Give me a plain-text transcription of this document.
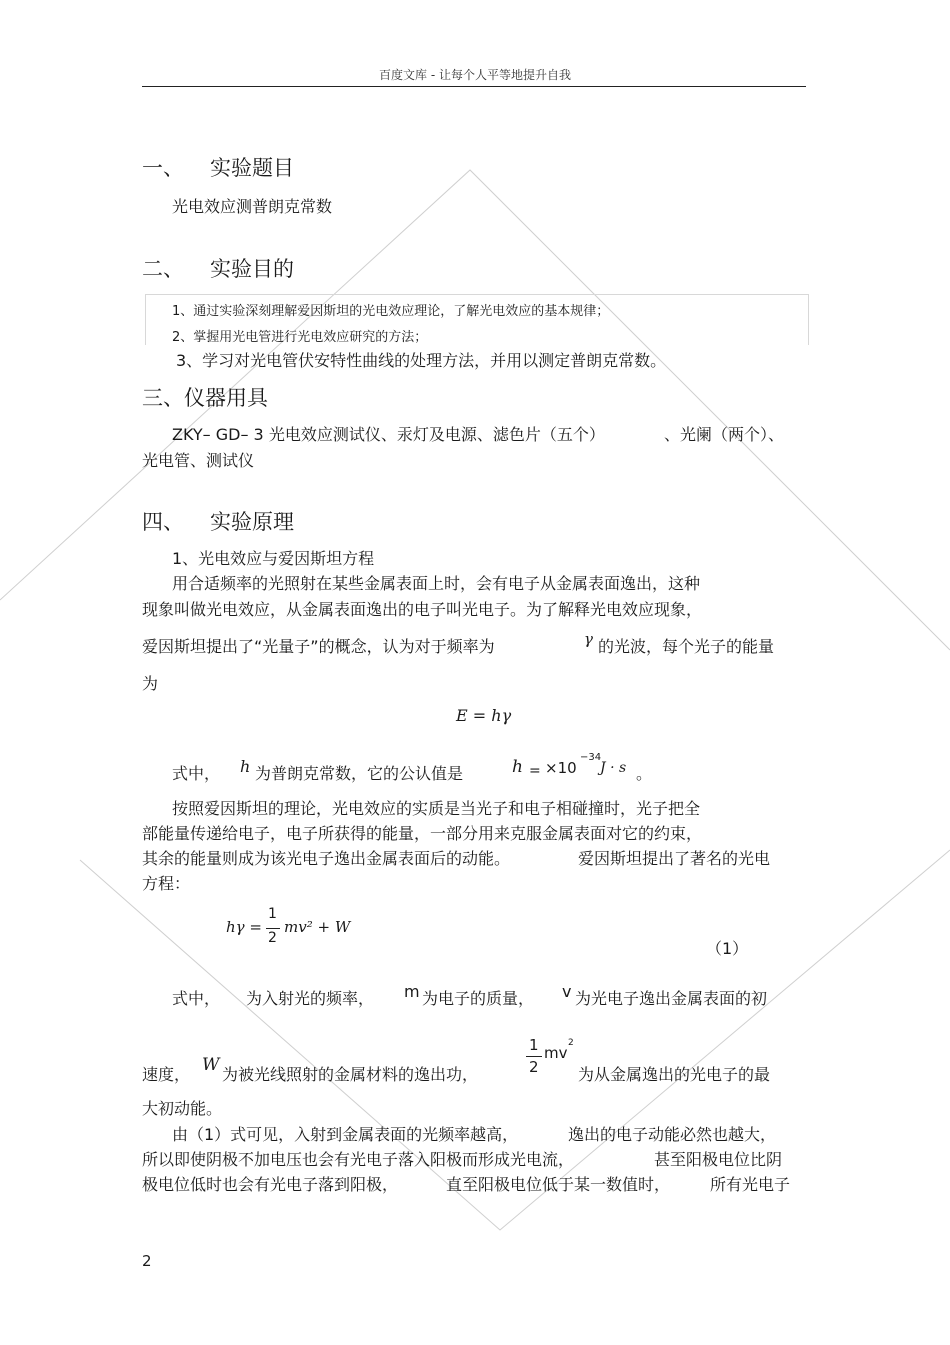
百度文库 - 让每个人平等地提升自我
一、 实验题目
光电效应测普朗克常数
二、 实验目的
1、通过实验深刻理解爱因斯坦的光电效应理论，了解光电效应的基本规律；
2、掌握用光电管进行光电效应研究的方法；
3、学习对光电管伏安特性曲线的处理方法，并用以测定普朗克常数。
三、仪器用具
ZKY– GD– 3 光电效应测试仪、汞灯及电源、滤色片（五个）	、光阑（两个）、
光电管、测试仪
四、 实验原理
1、光电效应与爱因斯坦方程
用合适频率的光照射在某些金属表面上时，会有电子从金属表面逸出，这种
现象叫做光电效应，从金属表面逸出的电子叫光电子。为了解释光电效应现象，
爱因斯坦提出了“光量子”的概念，认为对于频率为	γ 的光波，每个光子的能量
为
E = hγ
式中， h 为普朗克常数，它的公认值是	h = ×10
−34
J · s 。
按照爱因斯坦的理论，光电效应的实质是当光子和电子相碰撞时，光子把全
部能量传递给电子，电子所获得的能量，一部分用来克服金属表面对它的约束，
其余的能量则成为该光电子逸出金属表面后的动能。	爱因斯坦提出了著名的光电
方程：
hγ =
1
2
mv² + W
（1）
式中， 为入射光的频率， m 为电子的质量， v 为光电子逸出金属表面的初
速度， W 为被光线照射的金属材料的逸出功，
1
2
mv
2
为从金属逸出的光电子的最
大初动能。
由（1）式可见，入射到金属表面的光频率越高，	逸出的电子动能必然也越大，
所以即使阴极不加电压也会有光电子落入阳极而形成光电流，	甚至阳极电位比阴
极电位低时也会有光电子落到阳极，	直至阳极电位低于某一数值时， 所有光电子
2
